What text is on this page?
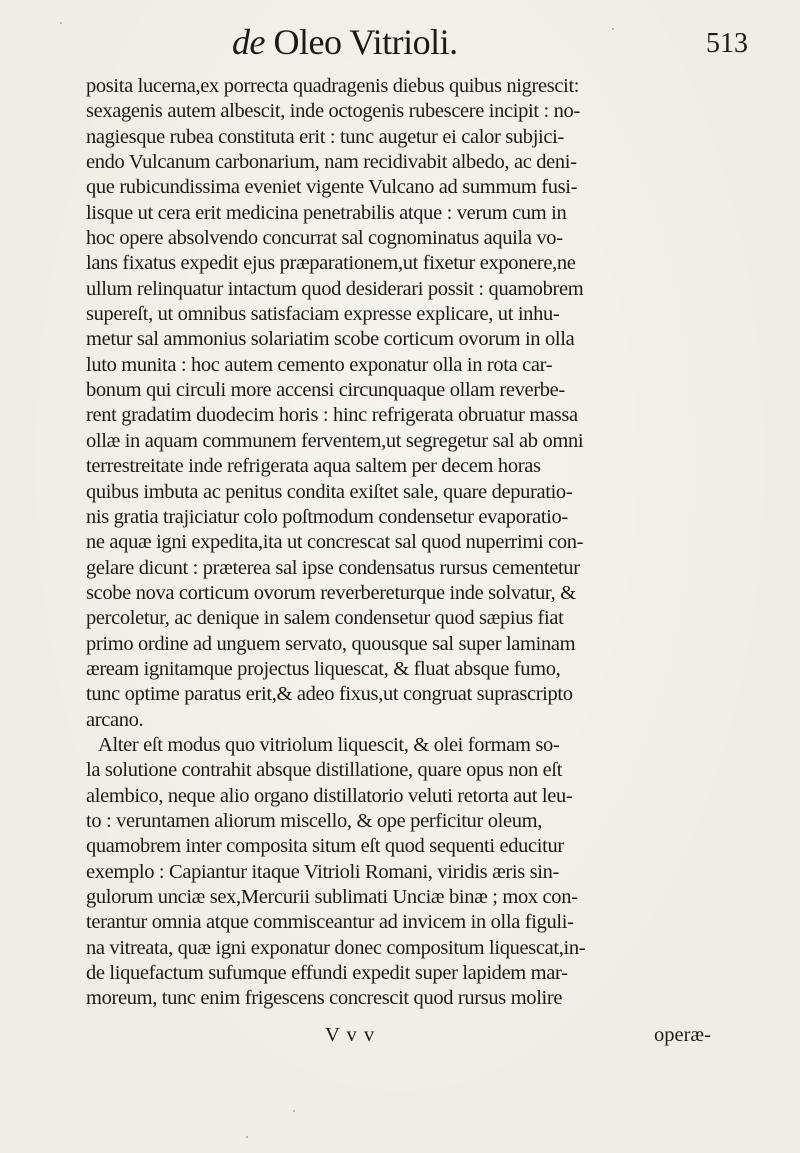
de Oleo Vitrioli.	513
posita lucerna,ex porrecta quadragenis diebus quibus nigrescit:
sexagenis autem albescit, inde octogenis rubescere incipit : no-
nagiesque rubea constituta erit : tunc augetur ei calor subjici-
endo Vulcanum carbonarium, nam recidivabit albedo, ac deni-
que rubicundissima eveniet vigente Vulcano ad summum fusi-
lisque ut cera erit medicina penetrabilis atque : verum cum in
hoc opere absolvendo concurrat sal cognominatus aquila vo-
lans fixatus expedit ejus præparationem,ut fixetur exponere,ne
ullum relinquatur intactum quod desiderari possit : quamobrem
supereſt, ut omnibus satisfaciam expresse explicare, ut inhu-
metur sal ammonius solariatim scobe corticum ovorum in olla
luto munita : hoc autem cemento exponatur olla in rota car-
bonum qui circuli more accensi circunquaque ollam reverbe-
rent gradatim duodecim horis : hinc refrigerata obruatur massa
ollæ in aquam communem ferventem,ut segregetur sal ab omni
terrestreitate inde refrigerata aqua saltem per decem horas
quibus imbuta ac penitus condita exiſtet sale, quare depuratio-
nis gratia trajiciatur colo poſtmodum condensetur evaporatio-
ne aquæ igni expedita,ita ut concrescat sal quod nuperrimi con-
gelare dicunt : præterea sal ipse condensatus rursus cementetur
scobe nova corticum ovorum reverbereturque inde solvatur, &
percoletur, ac denique in salem condensetur quod sæpius fiat
primo ordine ad unguem servato, quousque sal super laminam
æream ignitamque projectus liquescat, & fluat absque fumo,
tunc optime paratus erit,& adeo fixus,ut congruat suprascripto
arcano.
Alter eſt modus quo vitriolum liquescit, & olei formam so-
la solutione contrahit absque distillatione, quare opus non eſt
alembico, neque alio organo distillatorio veluti retorta aut leu-
to : veruntamen aliorum miscello, & ope perficitur oleum,
quamobrem inter composita situm eſt quod sequenti educitur
exemplo : Capiantur itaque Vitrioli Romani, viridis æris sin-
gulorum unciæ sex,Mercurii sublimati Unciæ binæ ; mox con-
terantur omnia atque commisceantur ad invicem in olla figuli-
na vitreata, quæ igni exponatur donec compositum liquescat,in-
de liquefactum sufumque effundi expedit super lapidem mar-
moreum, tunc enim frigescens concrescit quod rursus molire
V v v	operæ-
